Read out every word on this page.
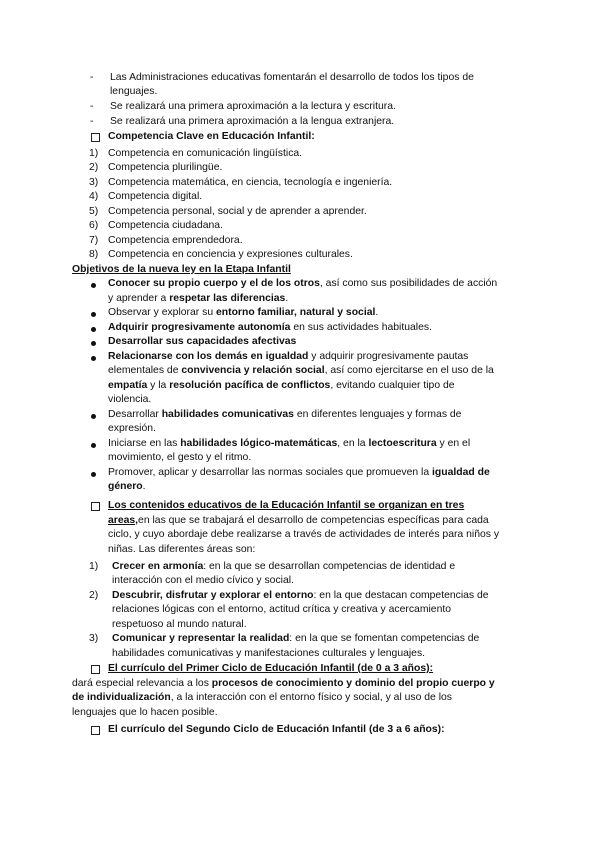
- Las Administraciones educativas fomentarán el desarrollo de todos los tipos de
lenguajes.
- Se realizará una primera aproximación a la lectura y escritura.
- Se realizará una primera aproximación a la lengua extranjera.
Competencia Clave en Educación Infantil:
1) Competencia en comunicación lingüística.
2) Competencia plurilingüe.
3) Competencia matemática, en ciencia, tecnología e ingeniería.
4) Competencia digital.
5) Competencia personal, social y de aprender a aprender.
6) Competencia ciudadana.
7) Competencia emprendedora.
8) Competencia en conciencia y expresiones culturales.
Objetivos de la nueva ley en la Etapa Infantil
Conocer su propio cuerpo y el de los otros, así como sus posibilidades de acción
y aprender a respetar las diferencias.
Observar y explorar su entorno familiar, natural y social.
Adquirir progresivamente autonomía en sus actividades habituales.
Desarrollar sus capacidades afectivas
Relacionarse con los demás en igualdad y adquirir progresivamente pautas
elementales de convivencia y relación social, así como ejercitarse en el uso de la
empatía y la resolución pacífica de conflictos, evitando cualquier tipo de
violencia.
Desarrollar habilidades comunicativas en diferentes lenguajes y formas de
expresión.
Iniciarse en las habilidades lógico-matemáticas, en la lectoescritura y en el
movimiento, el gesto y el ritmo.
Promover, aplicar y desarrollar las normas sociales que promueven la igualdad de
género.
Los contenidos educativos de la Educación Infantil se organizan en tres
areas,en las que se trabajará el desarrollo de competencias específicas para cada
ciclo, y cuyo abordaje debe realizarse a través de actividades de interés para niños y
niñas. Las diferentes áreas son:
1) Crecer en armonía: en la que se desarrollan competencias de identidad e
interacción con el medio cívico y social.
2) Descubrir, disfrutar y explorar el entorno: en la que destacan competencias de
relaciones lógicas con el entorno, actitud crítica y creativa y acercamiento
respetuoso al mundo natural.
3) Comunicar y representar la realidad: en la que se fomentan competencias de
habilidades comunicativas y manifestaciones culturales y lenguajes.
El currículo del Primer Ciclo de Educación Infantil (de 0 a 3 años):
dará especial relevancia a los procesos de conocimiento y dominio del propio cuerpo y
de individualización, a la interacción con el entorno físico y social, y al uso de los
lenguajes que lo hacen posible.
El currículo del Segundo Ciclo de Educación Infantil (de 3 a 6 años):
